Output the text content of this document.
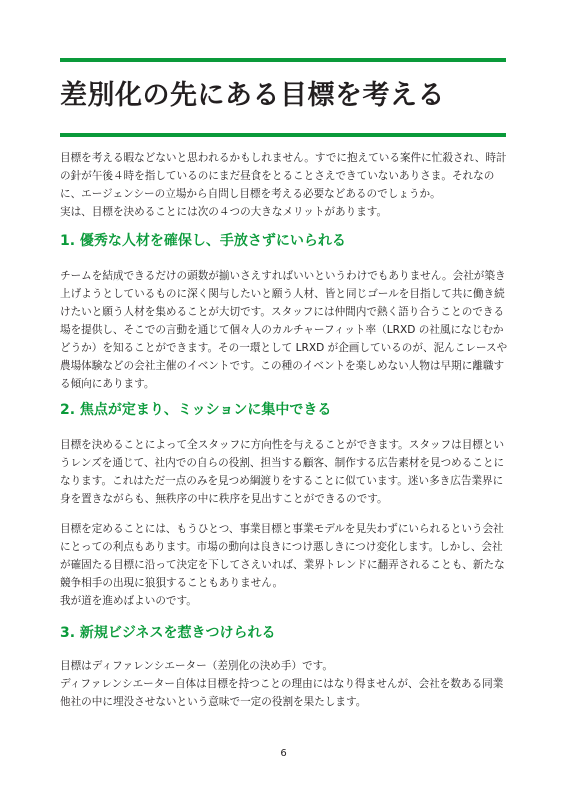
差別化の先にある目標を考える

目標を考える暇などないと思われるかもしれません。すでに抱えている案件に忙殺され、時計の針が午後４時を指しているのにまだ昼食をとることさえできていないありさま。それなのに、エージェンシーの立場から自問し目標を考える必要などあるのでしょうか。
実は、目標を決めることには次の４つの大きなメリットがあります。

1. 優秀な人材を確保し、手放さずにいられる

チームを結成できるだけの頭数が揃いさえすればいいというわけでもありません。会社が築き上げようとしているものに深く関与したいと願う人材、皆と同じゴールを目指して共に働き続けたいと願う人材を集めることが大切です。スタッフには仲間内で熱く語り合うことのできる場を提供し、そこでの言動を通じて個々人のカルチャーフィット率（LRXD の社風になじむかどうか）を知ることができます。その一環として LRXD が企画しているのが、泥んこレースや農場体験などの会社主催のイベントです。この種のイベントを楽しめない人物は早期に離職する傾向にあります。

2. 焦点が定まり、ミッションに集中できる

目標を決めることによって全スタッフに方向性を与えることができます。スタッフは目標というレンズを通じて、社内での自らの役割、担当する顧客、制作する広告素材を見つめることになります。これはただ一点のみを見つめ綱渡りをすることに似ています。迷い多き広告業界に身を置きながらも、無秩序の中に秩序を見出すことができるのです。

目標を定めることには、もうひとつ、事業目標と事業モデルを見失わずにいられるという会社にとっての利点もあります。市場の動向は良きにつけ悪しきにつけ変化します。しかし、会社が確固たる目標に沿って決定を下してさえいれば、業界トレンドに翻弄されることも、新たな競争相手の出現に狼狽することもありません。
我が道を進めばよいのです。

3. 新規ビジネスを惹きつけられる

目標はディファレンシエーター（差別化の決め手）です。
ディファレンシエーター自体は目標を持つことの理由にはなり得ませんが、会社を数ある同業他社の中に埋没させないという意味で一定の役割を果たします。

6
